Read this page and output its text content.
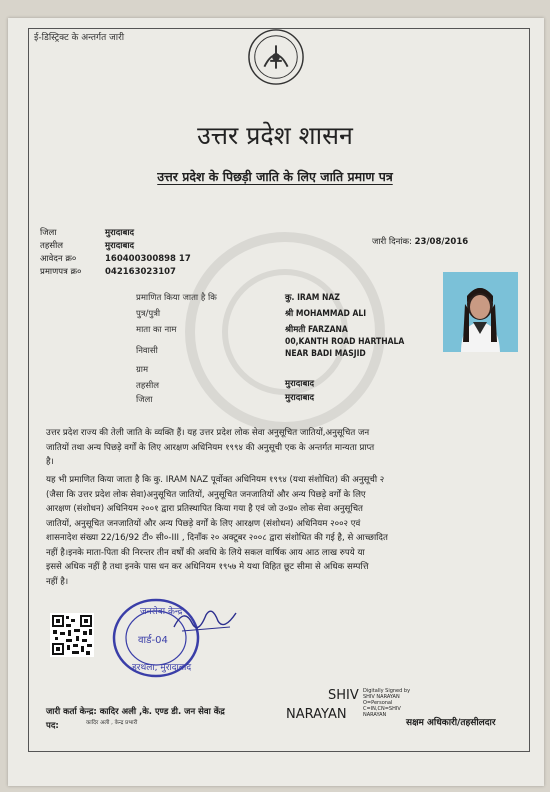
ई-डिस्ट्रिक्ट के अन्तर्गत जारी
उत्तर प्रदेश शासन
उत्तर प्रदेश के पिछड़ी जाति के लिए जाति प्रमाण पत्र
जिला	मुरादाबाद
तहसील	मुरादाबाद
आवेदन क्र०	160400300898 17
प्रमाणपत्र क्र०	042163023107
जारी दिनांक: 23/08/2016
प्रमाणित किया जाता है कि	कु. IRAM NAZ
पुत्र/पुत्री	श्री MOHAMMAD ALI
माता का नाम	श्रीमती FARZANA
00,KANTH ROAD HARTHALA
निवासी	NEAR BADI MASJID
ग्राम
तहसील	मुरादाबाद
जिला	मुरादाबाद
उत्तर प्रदेश राज्य की तेली जाति के व्यक्ति हैं। यह उत्तर प्रदेश लोक सेवा अनुसूचित जातियों,अनुसूचित जन
जातियों तथा अन्य पिछड़े वर्गों के लिए आरक्षण अधिनियम १९९४ की अनुसूची एक के अन्तर्गत मान्यता प्राप्त
है।
यह भी प्रमाणित किया जाता है कि कु. IRAM NAZ पूर्वोक्त अधिनियम १९९४ (यथा संशोधित) की अनुसूची २
(जैसा कि उत्तर प्रदेश लोक सेवा)अनुसूचित जातियों, अनुसूचित जनजातियों और अन्य पिछड़े वर्गों के लिए
आरक्षण (संशोधन) अधिनियम २००१ द्वारा प्रतिस्थापित किया गया है एवं जो उ०प्र० लोक सेवा अनुसूचित
जातियों, अनुसूचित जनजातियों और अन्य पिछड़े वर्गों के लिए आरक्षण (संशोधन) अधिनियम २००२ एवं
शासनादेश संख्या 22/16/92 टी० सी०-III , दिनाँक २० अक्टूबर २००८ द्वारा संशोधित की गई है, से आच्छादित
नहीं है।इनके माता-पिता की निरन्तर तीन वर्षों की अवधि के लिये सकल वार्षिक आय आठ लाख रुपये या
इससे अधिक नहीं है तथा इनके पास धन कर अधिनियम १९५७ मे यथा विहित छूट सीमा से अधिक सम्पत्ति
नहीं है।
जनसेवा केन्द्र
वार्ड-04
हरथला, मुरादाबाद
जारी कर्ता केन्द्र: कादिर अली ,के. एण्ड डी. जन सेवा केंद्र
कादिर अली , केन्द्र प्रभारी
पद:
SHIV
NARAYAN
Digitally Signed by SHIV NARAYAN O=Personal C=IN,CN=SHIV NARAYAN
सक्षम अधिकारी/तहसीलदार
